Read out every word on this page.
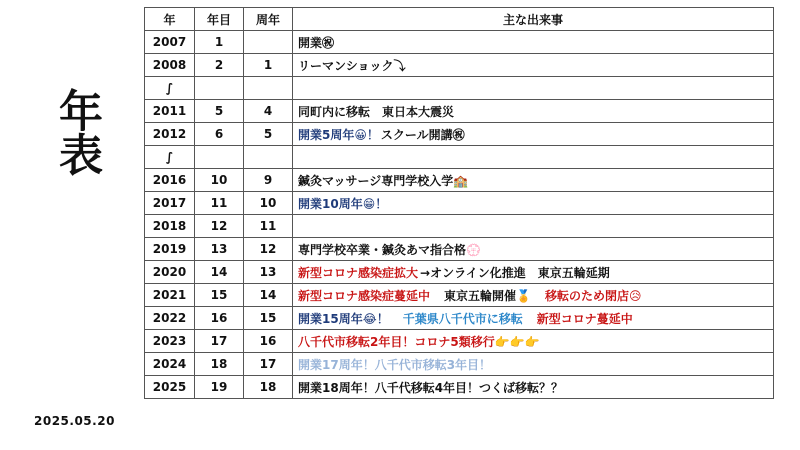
年表
2025.05.20
年	年目	周年	主な出来事
2007	1		開業㊗
2008	2	1	リーマンショック⤵
∫			
2011	5	4	同町内に移転　東日本大震災
2012	6	5	開業5周年😀！ スクール開講㊗
∫			
2016	10	9	鍼灸マッサージ専門学校入学🏫
2017	11	10	開業10周年😁！
2018	12	11	
2019	13	12	専門学校卒業・鍼灸あマ指合格💮
2020	14	13	新型コロナ感染症拡大 →オンライン化推進　東京五輪延期
2021	15	14	新型コロナ感染症蔓延中　東京五輪開催🏅　移転のため閉店😥
2022	16	15	開業15周年😂！　千葉県八千代市に移転　新型コロナ蔓延中
2023	17	16	八千代市移転2年目！コロナ5類移行👉👉👉
2024	18	17	開業17周年！八千代市移転3年目！
2025	19	18	開業18周年！八千代移転4年目！つくば移転？？
